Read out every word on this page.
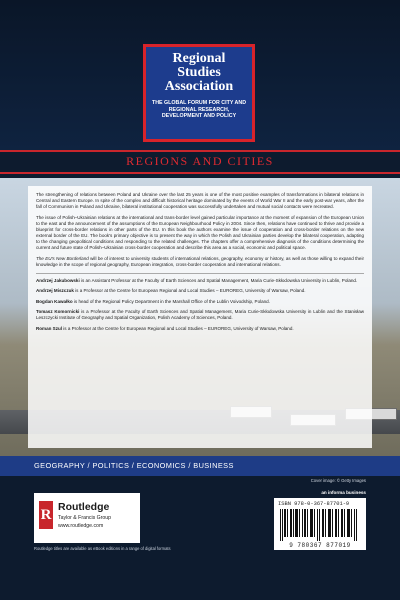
Regional
Studies
Association
THE GLOBAL FORUM FOR CITY AND REGIONAL RESEARCH, DEVELOPMENT AND POLICY
REGIONS AND CITIES

The strengthening of relations between Poland and Ukraine over the last 25 years is one of the most positive examples of transformations in bilateral relations in Central and Eastern Europe. In spite of the complex and difficult historical heritage dominated by the events of World War II and the early post-war years, after the fall of Communism in Poland and Ukraine, bilateral institutional cooperation was successfully undertaken and mutual social contacts were recreated.

The issue of Polish–Ukrainian relations at the international and trans-border level gained particular importance at the moment of expansion of the European Union to the east and the announcement of the assumptions of the European Neighbourhood Policy in 2004. Since then, relations have continued to thrive and provide a blueprint for cross-border relations in other parts of the EU. In this book the authors examine the issue of cooperation and cross-border relations on the new external border of the EU. The book's primary objective is to present the way in which the Polish and Ukrainian parties develop the bilateral cooperation, adapting to the changing geopolitical conditions and responding to the related challenges. The chapters offer a comprehensive diagnosis of the conditions determining the current and future state of Polish–Ukrainian cross-border cooperation and describe this area as a social, economic and political space.

The EU's New Borderland will be of interest to university students of international relations, geography, economy or history, as well as those willing to expand their knowledge in the scope of regional geography, European integration, cross-border cooperation and international relations.

Andrzej Jakubowski is an Assistant Professor at the Faculty of Earth Sciences and Spatial Management, Maria Curie-Skłodowska University in Lublin, Poland.

Andrzej Miszczuk is a Professor at the Centre for European Regional and Local Studies – EUROREG, University of Warsaw, Poland.

Bogdan Kawałko is head of the Regional Policy Department in the Marshall Office of the Lublin Voivodship, Poland.

Tomasz Komornicki is a Professor at the Faculty of Earth Sciences and Spatial Management, Maria Curie-Skłodowska University in Lublin and the Stanisław Leszczycki Institute of Geography and Spatial Organization, Polish Academy of Sciences, Poland.

Roman Szul is a Professor at the Centre for European Regional and Local Studies – EUROREG, University of Warsaw, Poland.

GEOGRAPHY / POLITICS / ECONOMICS / BUSINESS
Cover image: © Getty Images
an informa business
R Routledge
Taylor & Francis Group
www.routledge.com
ISBN 978-0-367-87701-9
9 780367 877019
Routledge titles are available as eBook editions in a range of digital formats
